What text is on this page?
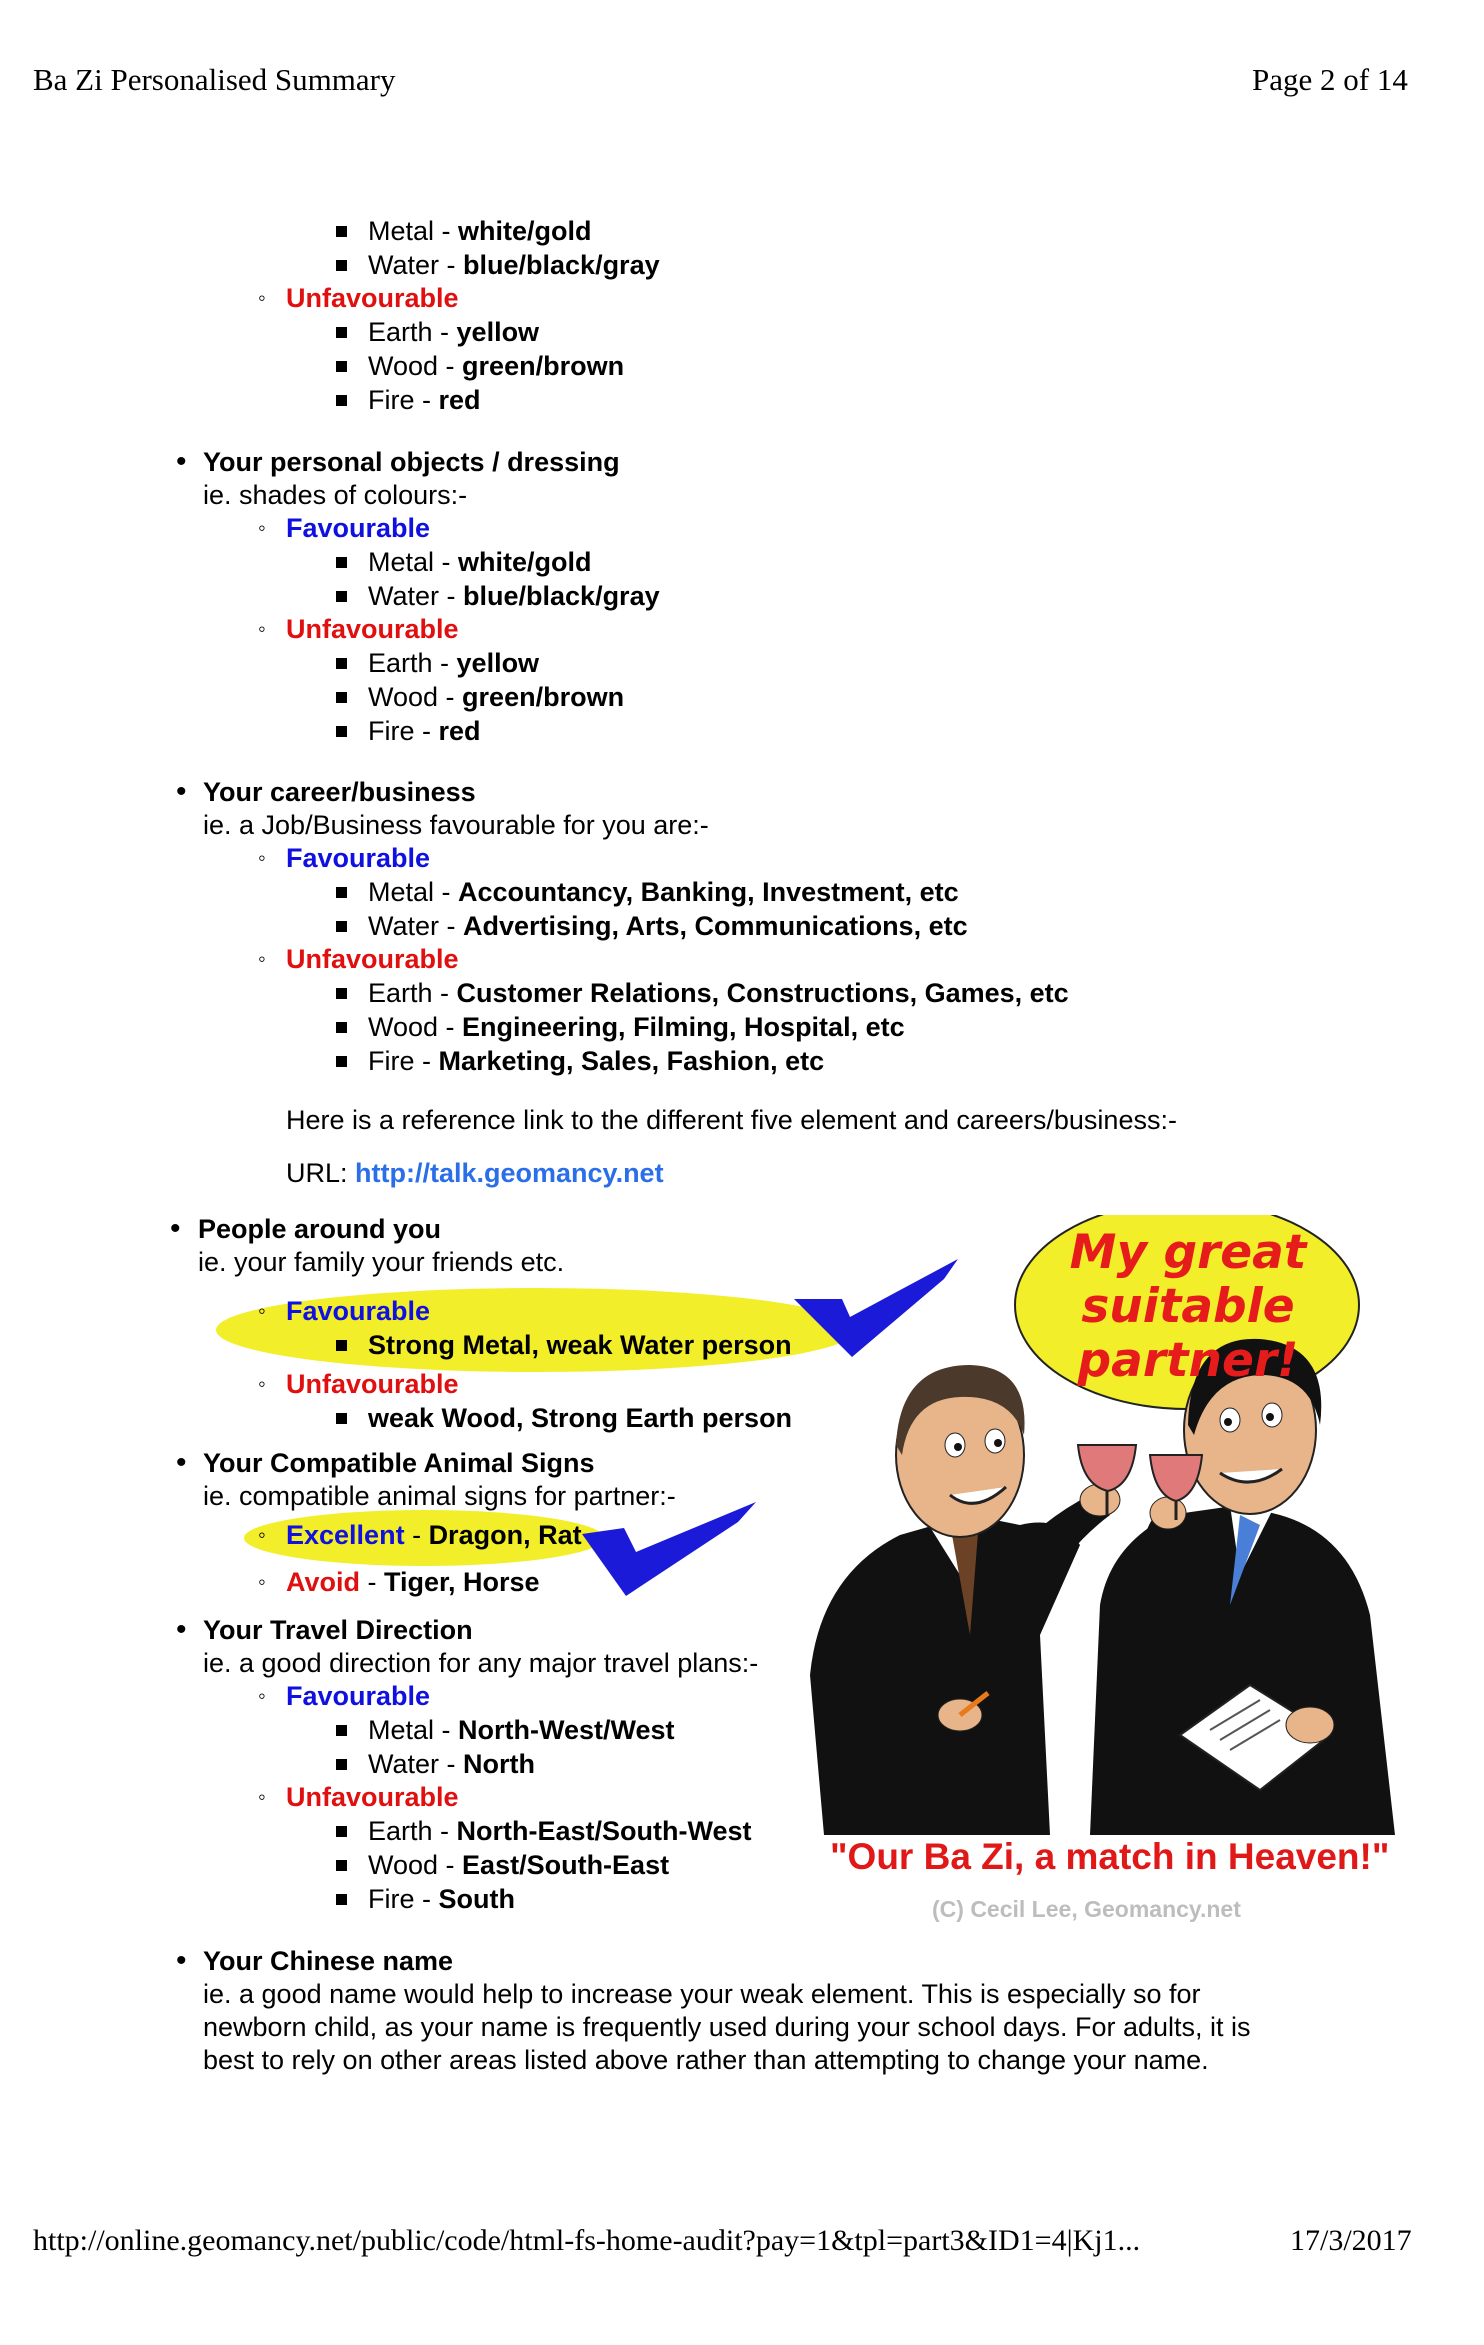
Ba Zi Personalised Summary	Page 2 of 14
Metal - white/gold
Water - blue/black/gray
◦ Unfavourable
Earth - yellow
Wood - green/brown
Fire - red
• Your personal objects / dressing
ie. shades of colours:-
◦ Favourable
Metal - white/gold
Water - blue/black/gray
◦ Unfavourable
Earth - yellow
Wood - green/brown
Fire - red
• Your career/business
ie. a Job/Business favourable for you are:-
◦ Favourable
Metal - Accountancy, Banking, Investment, etc
Water - Advertising, Arts, Communications, etc
◦ Unfavourable
Earth - Customer Relations, Constructions, Games, etc
Wood - Engineering, Filming, Hospital, etc
Fire - Marketing, Sales, Fashion, etc
Here is a reference link to the different five element and careers/business:-
URL: http://talk.geomancy.net
• People around you
ie. your family your friends etc.
◦ Favourable
Strong Metal, weak Water person
◦ Unfavourable
weak Wood, Strong Earth person
• Your Compatible Animal Signs
ie. compatible animal signs for partner:-
◦ Excellent - Dragon, Rat
◦ Avoid - Tiger, Horse
• Your Travel Direction
ie. a good direction for any major travel plans:-
◦ Favourable
Metal - North-West/West
Water - North
◦ Unfavourable
Earth - North-East/South-West
Wood - East/South-East
Fire - South
• Your Chinese name
ie. a good name would help to increase your weak element. This is especially so for
newborn child, as your name is frequently used during your school days. For adults, it is
best to rely on other areas listed above rather than attempting to change your name.
My great
suitable
partner!
"Our Ba Zi, a match in Heaven!"
(C) Cecil Lee, Geomancy.net
http://online.geomancy.net/public/code/html-fs-home-audit?pay=1&tpl=part3&ID1=4|Kj1...	17/3/2017
